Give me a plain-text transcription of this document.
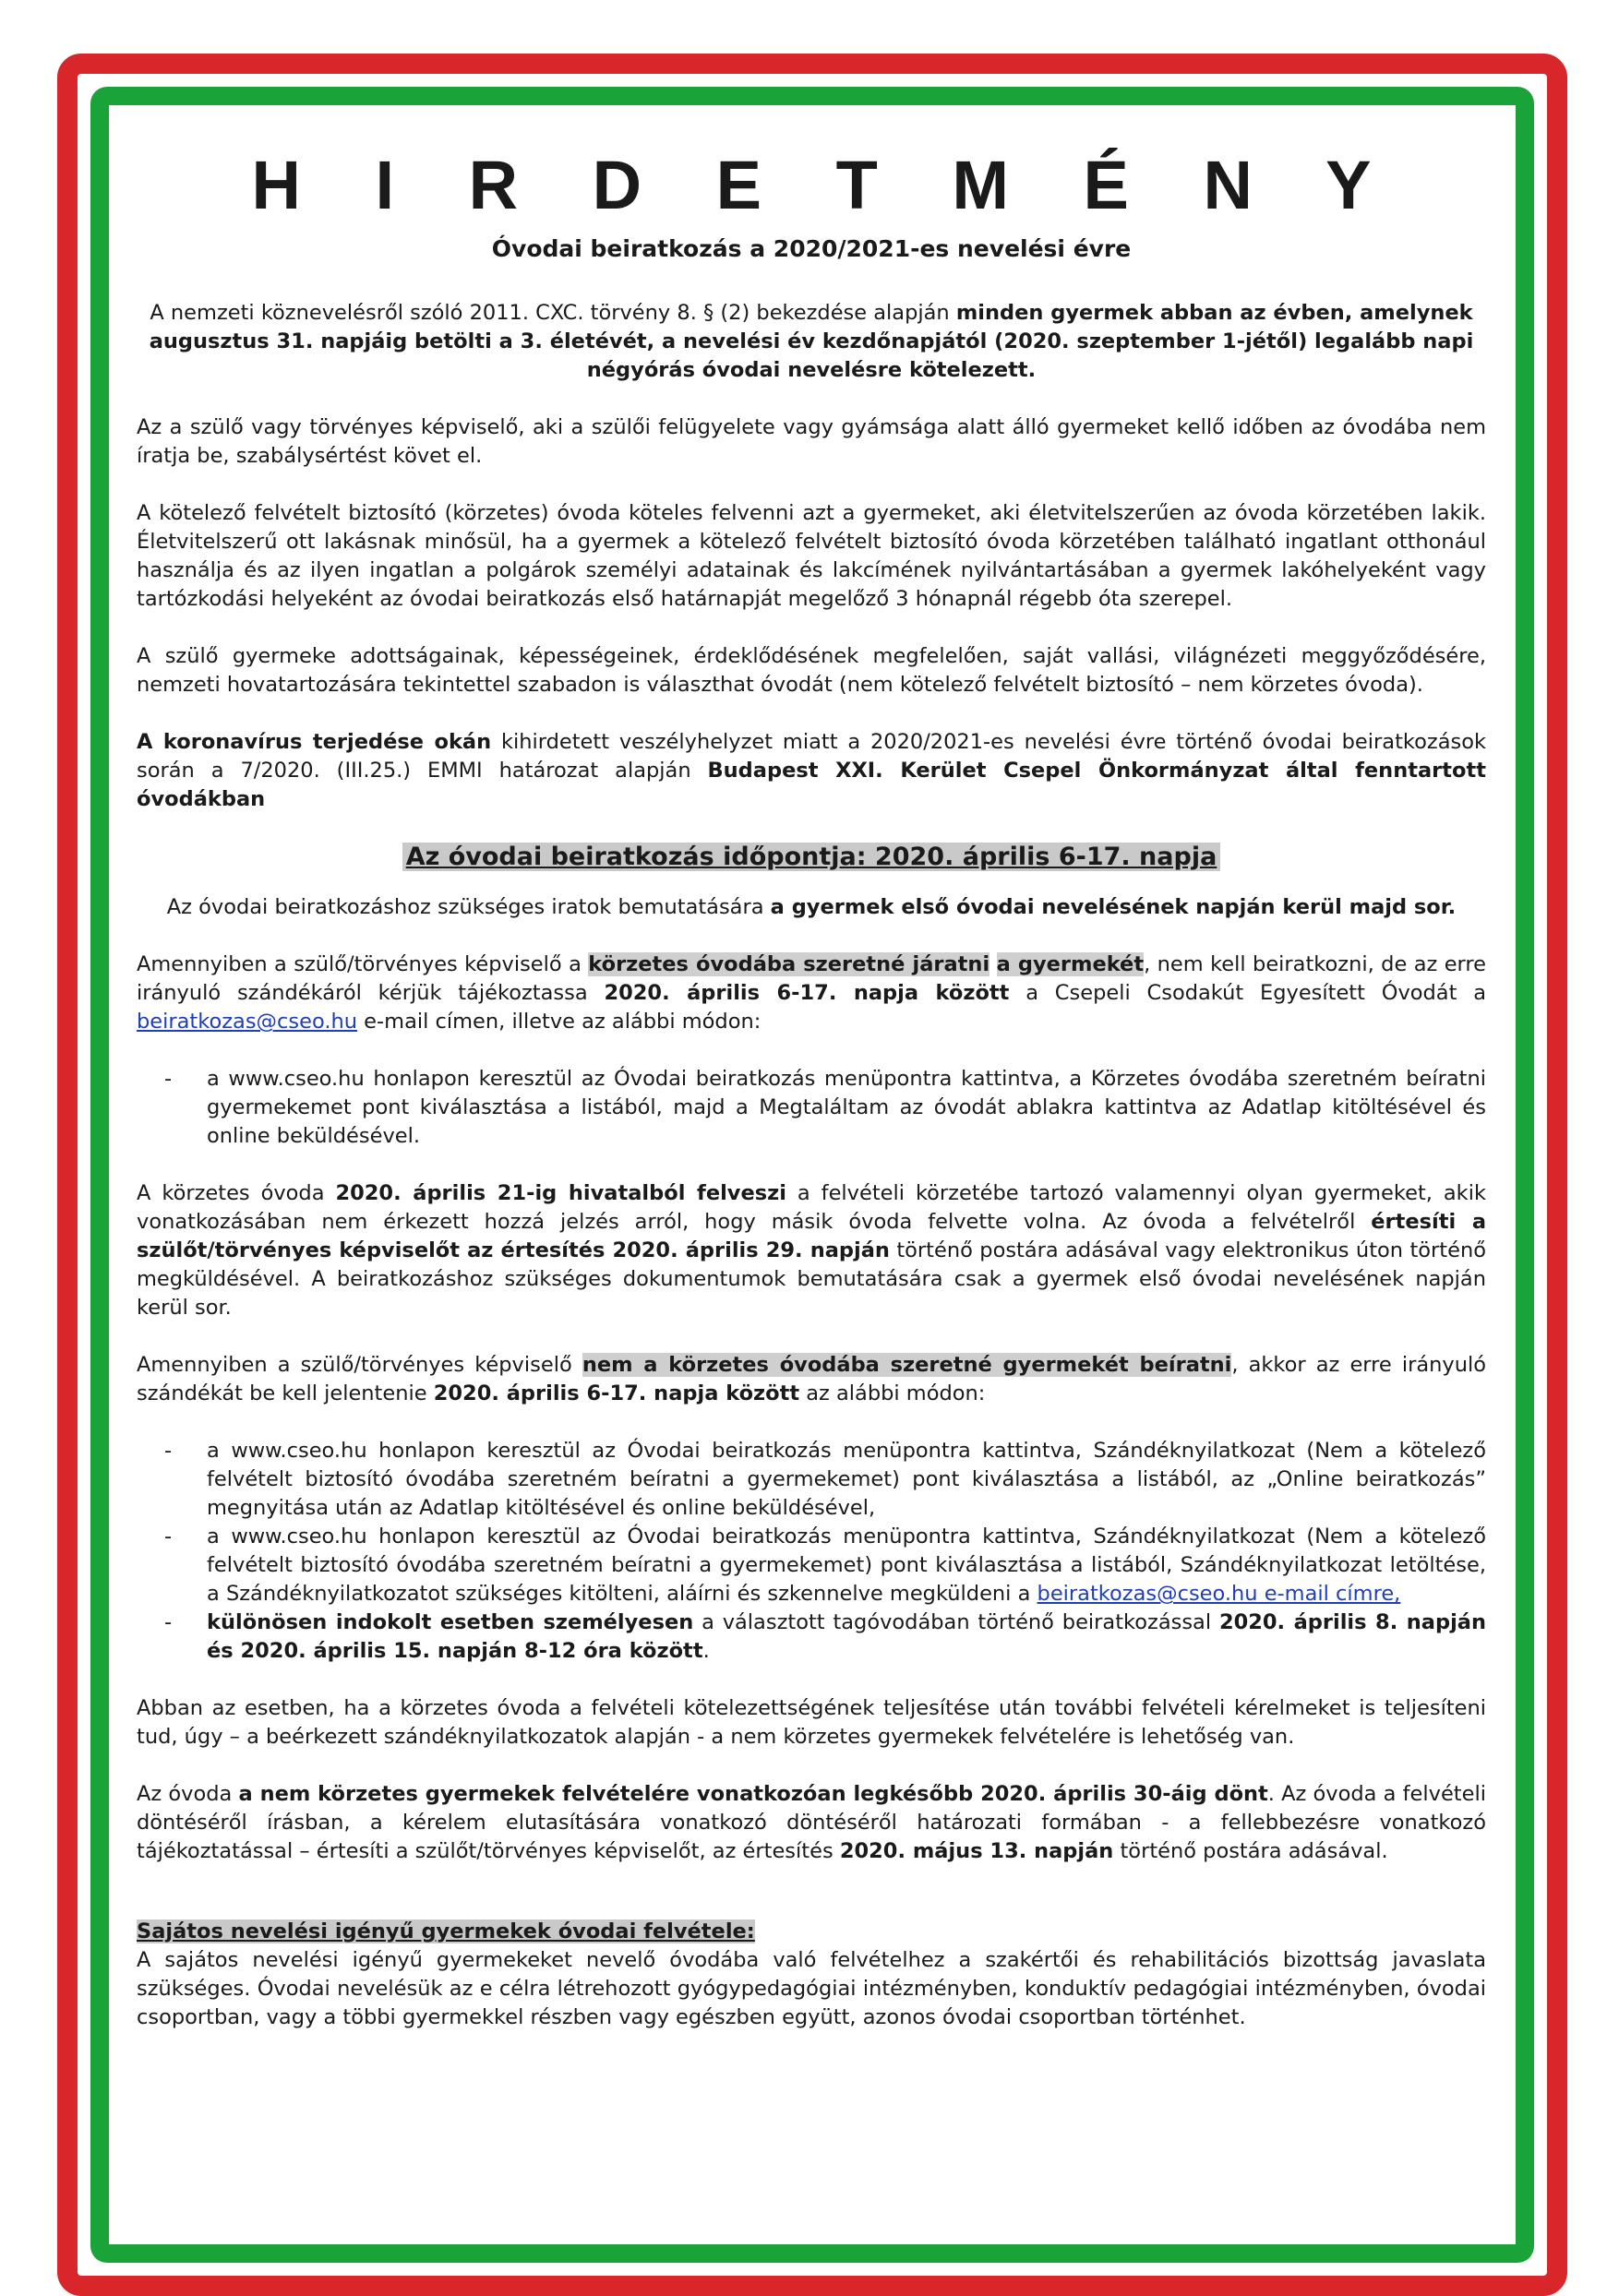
H I R D E T M É N Y
Óvodai beiratkozás a 2020/2021-es nevelési évre

A nemzeti köznevelésről szóló 2011. CXC. törvény 8. § (2) bekezdése alapján minden gyermek abban az évben, amelynek augusztus 31. napjáig betölti a 3. életévét, a nevelési év kezdőnapjától (2020. szeptember 1-jétől) legalább napi négyórás óvodai nevelésre kötelezett.

Az a szülő vagy törvényes képviselő, aki a szülői felügyelete vagy gyámsága alatt álló gyermeket kellő időben az óvodába nem íratja be, szabálysértést követ el.

A kötelező felvételt biztosító (körzetes) óvoda köteles felvenni azt a gyermeket, aki életvitelszerűen az óvoda körzetében lakik. Életvitelszerű ott lakásnak minősül, ha a gyermek a kötelező felvételt biztosító óvoda körzetében található ingatlant otthonául használja és az ilyen ingatlan a polgárok személyi adatainak és lakcímének nyilvántartásában a gyermek lakóhelyeként vagy tartózkodási helyeként az óvodai beiratkozás első határnapját megelőző 3 hónapnál régebb óta szerepel.

A szülő gyermeke adottságainak, képességeinek, érdeklődésének megfelelően, saját vallási, világnézeti meggyőződésére, nemzeti hovatartozására tekintettel szabadon is választhat óvodát (nem kötelező felvételt biztosító – nem körzetes óvoda).

A koronavírus terjedése okán kihirdetett veszélyhelyzet miatt a 2020/2021-es nevelési évre történő óvodai beiratkozások során a 7/2020. (III.25.) EMMI határozat alapján Budapest XXI. Kerület Csepel Önkormányzat által fenntartott óvodákban

Az óvodai beiratkozás időpontja: 2020. április 6-17. napja

Az óvodai beiratkozáshoz szükséges iratok bemutatására a gyermek első óvodai nevelésének napján kerül majd sor.

Amennyiben a szülő/törvényes képviselő a körzetes óvodába szeretné járatni a gyermekét, nem kell beiratkozni, de az erre irányuló szándékáról kérjük tájékoztassa 2020. április 6-17. napja között a Csepeli Csodakút Egyesített Óvodát a beiratkozas@cseo.hu e-mail címen, illetve az alábbi módon:

- a www.cseo.hu honlapon keresztül az Óvodai beiratkozás menüpontra kattintva, a Körzetes óvodába szeretném beíratni gyermekemet pont kiválasztása a listából, majd a Megtaláltam az óvodát ablakra kattintva az Adatlap kitöltésével és online beküldésével.

A körzetes óvoda 2020. április 21-ig hivatalból felveszi a felvételi körzetébe tartozó valamennyi olyan gyermeket, akik vonatkozásában nem érkezett hozzá jelzés arról, hogy másik óvoda felvette volna. Az óvoda a felvételről értesíti a szülőt/törvényes képviselőt az értesítés 2020. április 29. napján történő postára adásával vagy elektronikus úton történő megküldésével. A beiratkozáshoz szükséges dokumentumok bemutatására csak a gyermek első óvodai nevelésének napján kerül sor.

Amennyiben a szülő/törvényes képviselő nem a körzetes óvodába szeretné gyermekét beíratni, akkor az erre irányuló szándékát be kell jelentenie 2020. április 6-17. napja között az alábbi módon:

- a www.cseo.hu honlapon keresztül az Óvodai beiratkozás menüpontra kattintva, Szándéknyilatkozat (Nem a kötelező felvételt biztosító óvodába szeretném beíratni a gyermekemet) pont kiválasztása a listából, az „Online beiratkozás” megnyitása után az Adatlap kitöltésével és online beküldésével,
- a www.cseo.hu honlapon keresztül az Óvodai beiratkozás menüpontra kattintva, Szándéknyilatkozat (Nem a kötelező felvételt biztosító óvodába szeretném beíratni a gyermekemet) pont kiválasztása a listából, Szándéknyilatkozat letöltése, a Szándéknyilatkozatot szükséges kitölteni, aláírni és szkennelve megküldeni a beiratkozas@cseo.hu e-mail címre,
- különösen indokolt esetben személyesen a választott tagóvodában történő beiratkozással 2020. április 8. napján és 2020. április 15. napján 8-12 óra között.

Abban az esetben, ha a körzetes óvoda a felvételi kötelezettségének teljesítése után további felvételi kérelmeket is teljesíteni tud, úgy – a beérkezett szándéknyilatkozatok alapján - a nem körzetes gyermekek felvételére is lehetőség van.

Az óvoda a nem körzetes gyermekek felvételére vonatkozóan legkésőbb 2020. április 30-áig dönt. Az óvoda a felvételi döntéséről írásban, a kérelem elutasítására vonatkozó döntéséről határozati formában - a fellebbezésre vonatkozó tájékoztatással – értesíti a szülőt/törvényes képviselőt, az értesítés 2020. május 13. napján történő postára adásával.

Sajátos nevelési igényű gyermekek óvodai felvétele:

A sajátos nevelési igényű gyermekeket nevelő óvodába való felvételhez a szakértői és rehabilitációs bizottság javaslata szükséges. Óvodai nevelésük az e célra létrehozott gyógypedagógiai intézményben, konduktív pedagógiai intézményben, óvodai csoportban, vagy a többi gyermekkel részben vagy egészben együtt, azonos óvodai csoportban történhet.
